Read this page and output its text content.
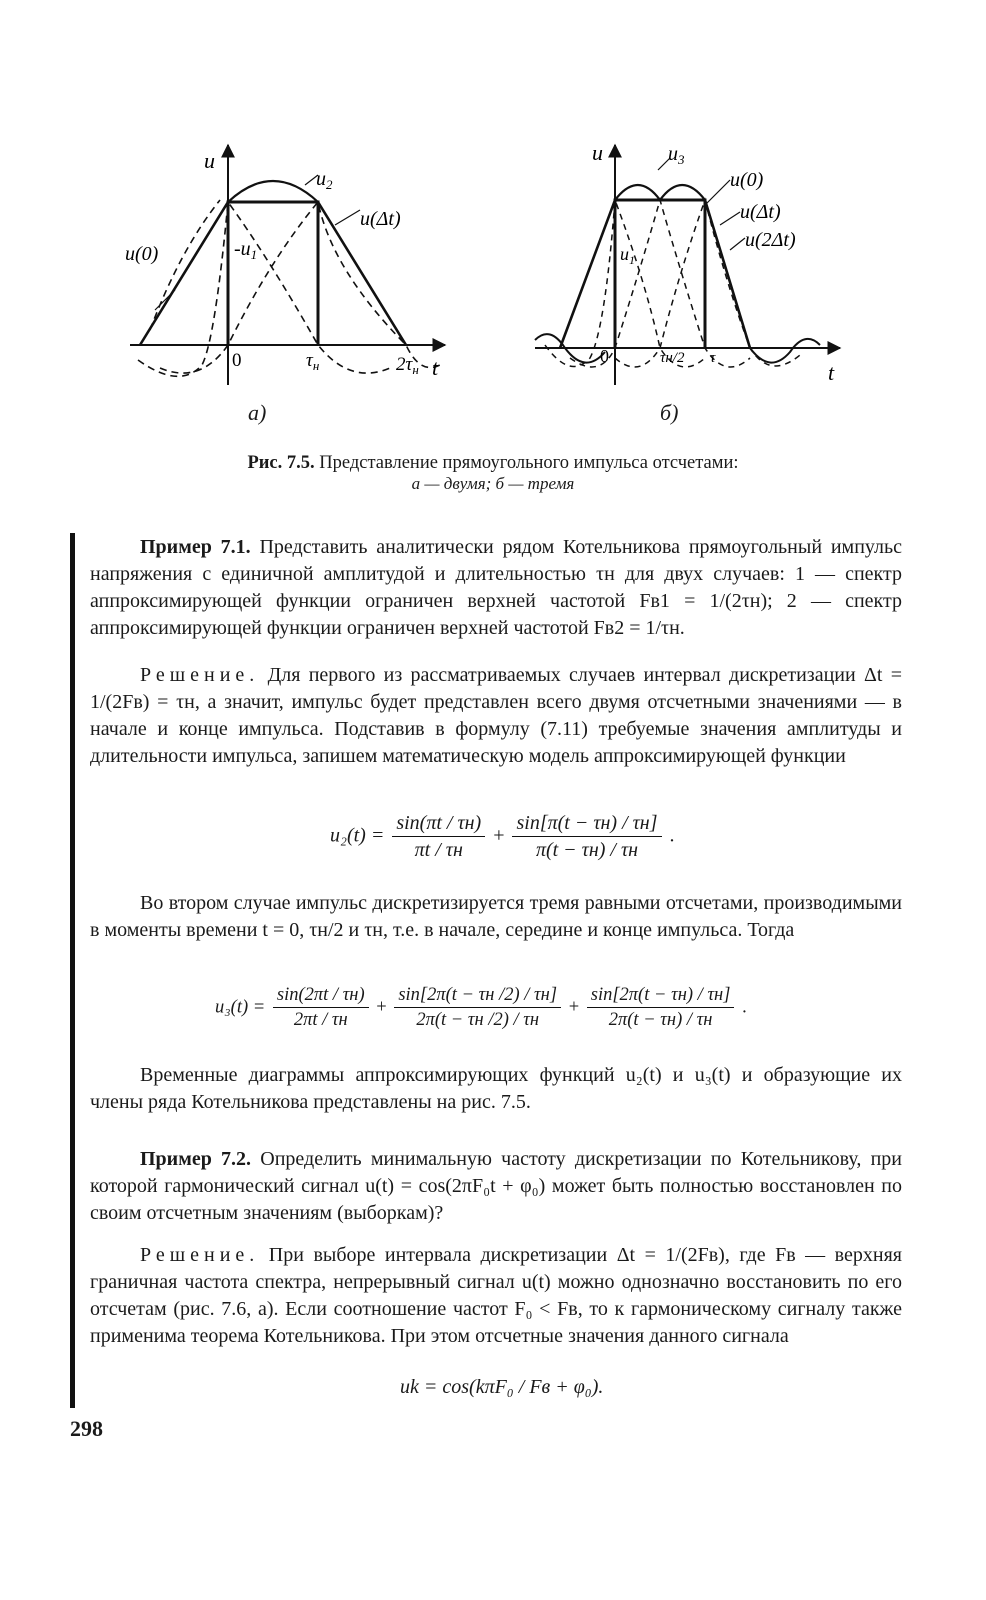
u
t
0	$\tau_н$	$2\tau_н$
u(0)	$-u_1$
$u_2$
u(Δt)
а)
u
t
0	τн/2 τ
$u_3$
u(0)
u(Δt)
u(2Δt)
$u_1$
б)
Рис. 7.5. Представление прямоугольного импульса отсчетами:
а — двумя; б — тремя
Пример 7.1. Представить аналитически рядом Котельникова прямоугольный импульс напряжения с единичной амплитудой и длительностью τн для двух случаев: 1 — спектр аппроксимирующей функции ограничен верхней частотой Fв1 = 1/(2τн); 2 — спектр аппроксимирующей функции ограничен верхней частотой Fв2 = 1/τн.
Решение. Для первого из рассматриваемых случаев интервал дискретизации Δt = 1/(2Fв) = τн, а значит, импульс будет представлен всего двумя отсчетными значениями — в начале и конце импульса. Подставив в формулу (7.11) требуемые значения амплитуды и длительности импульса, запишем математическую модель аппроксимирующей функции
$u_2(t) = \frac{\sin(\pi t / \tau н)}{\pi t / \tau н} + \frac{\sin[\pi(t - \tau н) / \tau н]}{\pi(t - \tau н) / \tau н}$ .
Во втором случае импульс дискретизируется тремя равными отсчетами, производимыми в моменты времени t = 0, τн/2 и τн, т.е. в начале, середине и конце импульса. Тогда
$u_3(t) = \frac{\sin(2\pi t / \tau н)}{2\pi t / \tau н} + \frac{\sin[2\pi(t - \tau н /2) / \tau н]}{2\pi(t - \tau н /2) / \tau н} + \frac{\sin[2\pi(t - \tau н) / \tau н]}{2\pi(t - \tau н) / \tau н}$ .
Временные диаграммы аппроксимирующих функций u₂(t) и u₃(t) и образующие их члены ряда Котельникова представлены на рис. 7.5.
Пример 7.2. Определить минимальную частоту дискретизации по Котельникову, при которой гармонический сигнал u(t) = cos(2πF₀t + φ₀) может быть полностью восстановлен по своим отсчетным значениям (выборкам)?
Решение. При выборе интервала дискретизации Δt = 1/(2Fв), где Fв — верхняя граничная частота спектра, непрерывный сигнал u(t) можно однозначно восстановить по его отсчетам (рис. 7.6, а). Если соотношение частот F₀ < Fв, то к гармоническому сигналу также применима теорема Котельникова. При этом отсчетные значения данного сигнала
uk = cos(kπF₀ / Fв + φ₀).
298
